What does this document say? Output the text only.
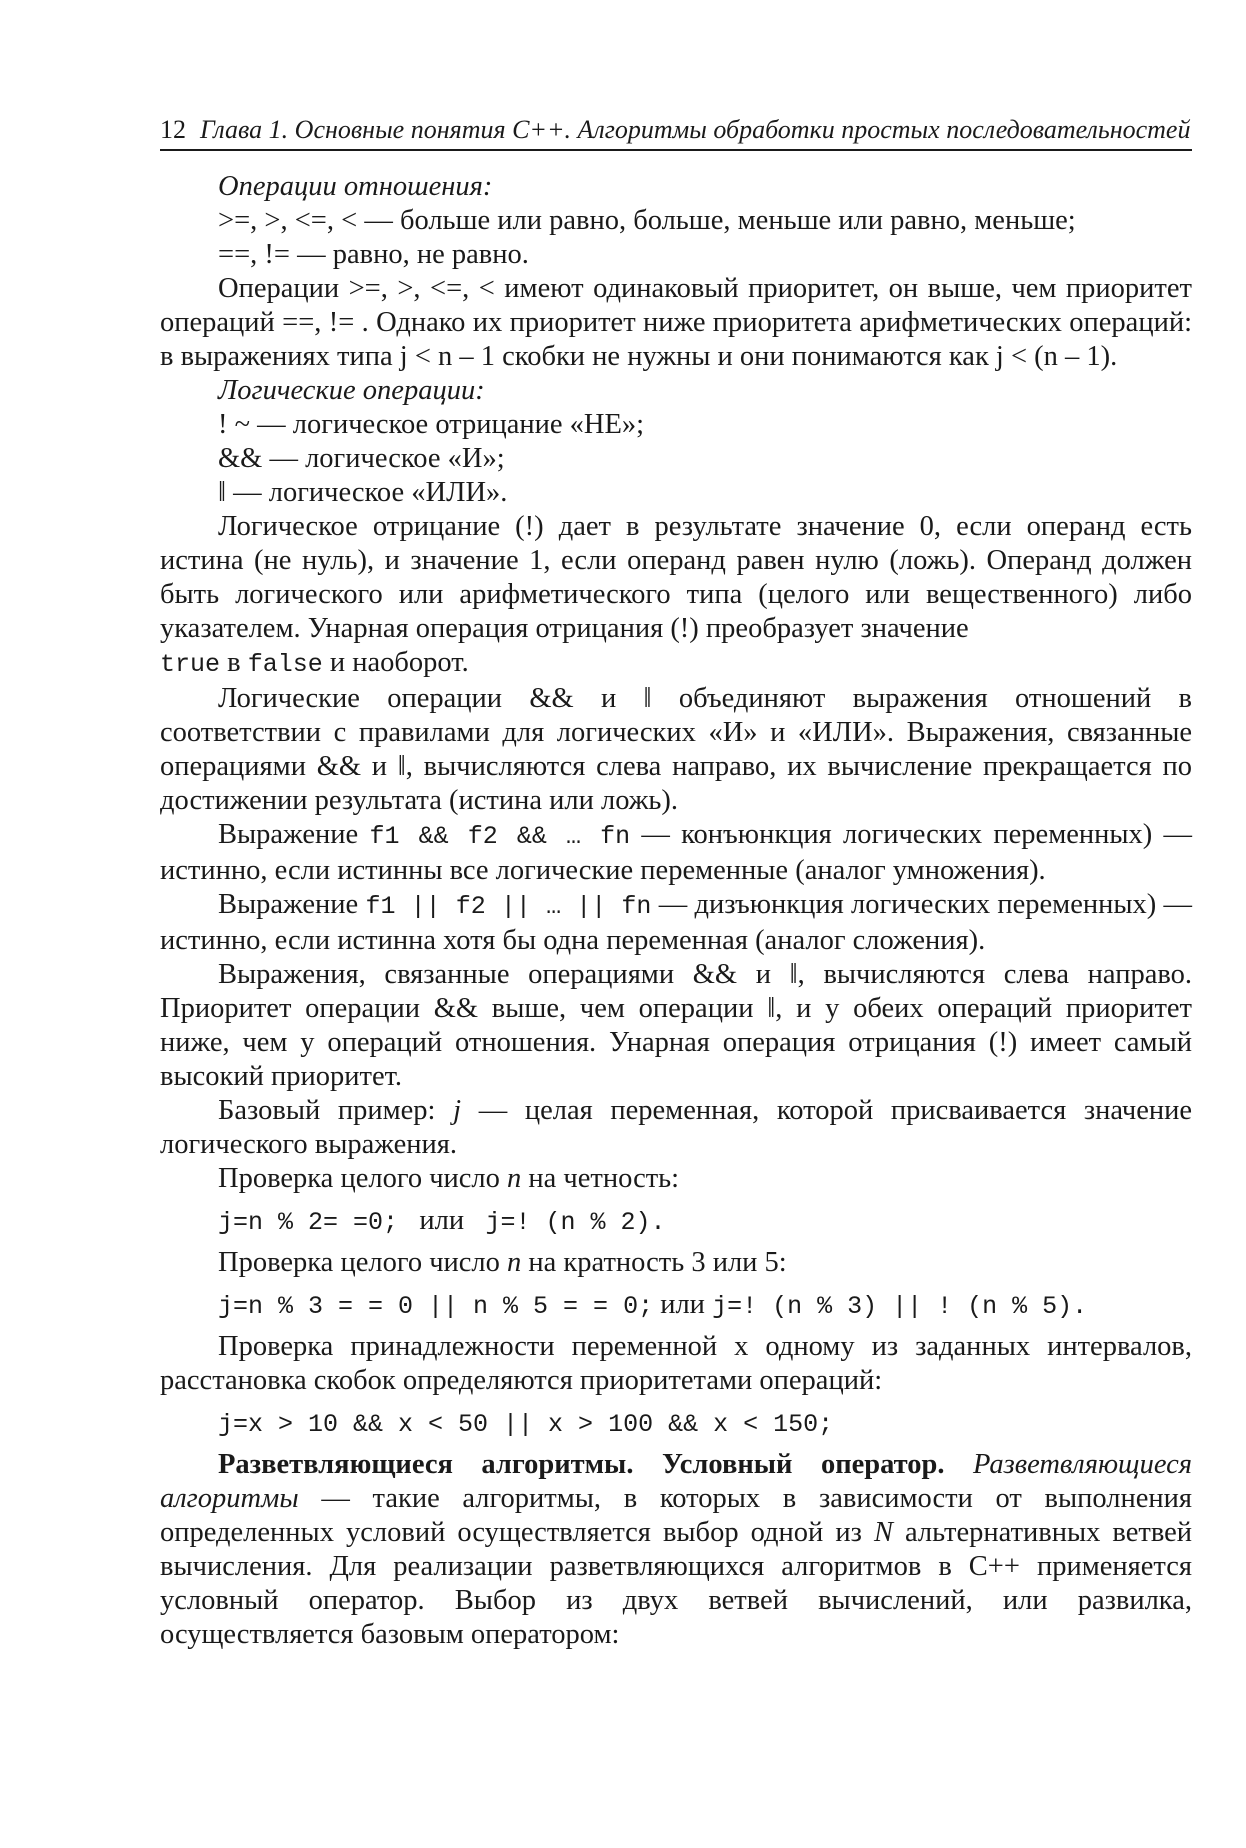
12 Глава 1. Основные понятия С++. Алгоритмы обработки простых последовательностей

Операции отношения:

>=, >, <=, < — больше или равно, больше, меньше или равно, меньше;

==, != — равно, не равно.

Операции >=, >, <=, < имеют одинаковый приоритет, он выше, чем приоритет операций ==, != . Однако их приоритет ниже приоритета арифметических операций: в выражениях типа j < n – 1 скобки не нужны и они понимаются как j < (n – 1).

Логические операции:

! ~ — логическое отрицание «НЕ»;

&& — логическое «И»;

‖ — логическое «ИЛИ».

Логическое отрицание (!) дает в результате значение 0, если операнд есть истина (не нуль), и значение 1, если операнд равен нулю (ложь). Операнд должен быть логического или арифметического типа (целого или вещественного) либо указателем. Унарная операция отрицания (!) преобразует значение
true в false и наоборот.

Логические операции && и ‖ объединяют выражения отношений в соответствии с правилами для логических «И» и «ИЛИ». Выражения, связанные операциями && и ‖, вычисляются слева направо, их вычисление прекращается по достижении результата (истина или ложь).

Выражение f1 && f2 && … fn — конъюнкция логических переменных) — истинно, если истинны все логические переменные (аналог умножения).

Выражение f1 || f2 || … || fn — дизъюнкция логических переменных) — истинно, если истинна хотя бы одна переменная (аналог сложения).

Выражения, связанные операциями && и ‖, вычисляются слева направо. Приоритет операции && выше, чем операции ‖, и у обеих операций приоритет ниже, чем у операций отношения. Унарная операция отрицания (!) имеет самый высокий приоритет.

Базовый пример: j — целая переменная, которой присваивается значение логического выражения.

Проверка целого число n на четность:

j=n % 2= =0; или j=! (n % 2).

Проверка целого число n на кратность 3 или 5:

j=n % 3 = = 0 || n % 5 = = 0; или j=! (n % 3) || ! (n % 5).

Проверка принадлежности переменной x одному из заданных интервалов, расстановка скобок определяются приоритетами операций:

j=x > 10 && x < 50 || x > 100 && x < 150;

Разветвляющиеся алгоритмы. Условный оператор. Разветвляющиеся алгоритмы — такие алгоритмы, в которых в зависимости от выполнения определенных условий осуществляется выбор одной из N альтернативных ветвей вычисления. Для реализации разветвляющихся алгоритмов в С++ применяется условный оператор. Выбор из двух ветвей вычислений, или развилка, осуществляется базовым оператором:
